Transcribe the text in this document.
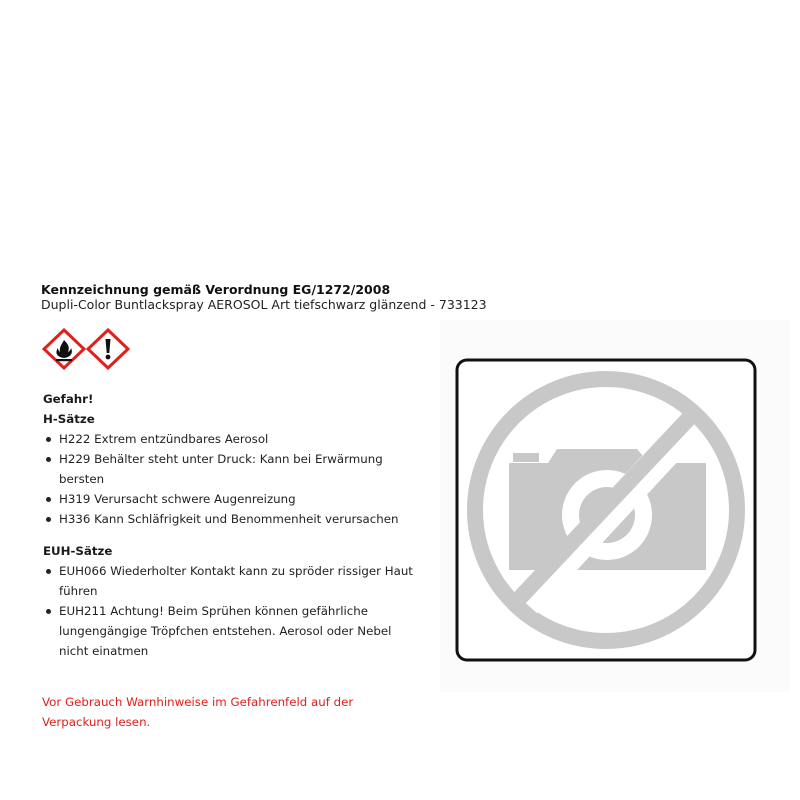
Kennzeichnung gemäß Verordnung EG/1272/2008
Dupli-Color Buntlackspray AEROSOL Art tiefschwarz glänzend - 733123
Gefahr!
H-Sätze
H222 Extrem entzündbares Aerosol
H229 Behälter steht unter Druck: Kann bei Erwärmung bersten
H319 Verursacht schwere Augenreizung
H336 Kann Schläfrigkeit und Benommenheit verursachen
EUH-Sätze
EUH066 Wiederholter Kontakt kann zu spröder rissiger Haut führen
EUH211 Achtung! Beim Sprühen können gefährliche lungengängige Tröpfchen entstehen. Aerosol oder Nebel nicht einatmen
Vor Gebrauch Warnhinweise im Gefahrenfeld auf der Verpackung lesen.
